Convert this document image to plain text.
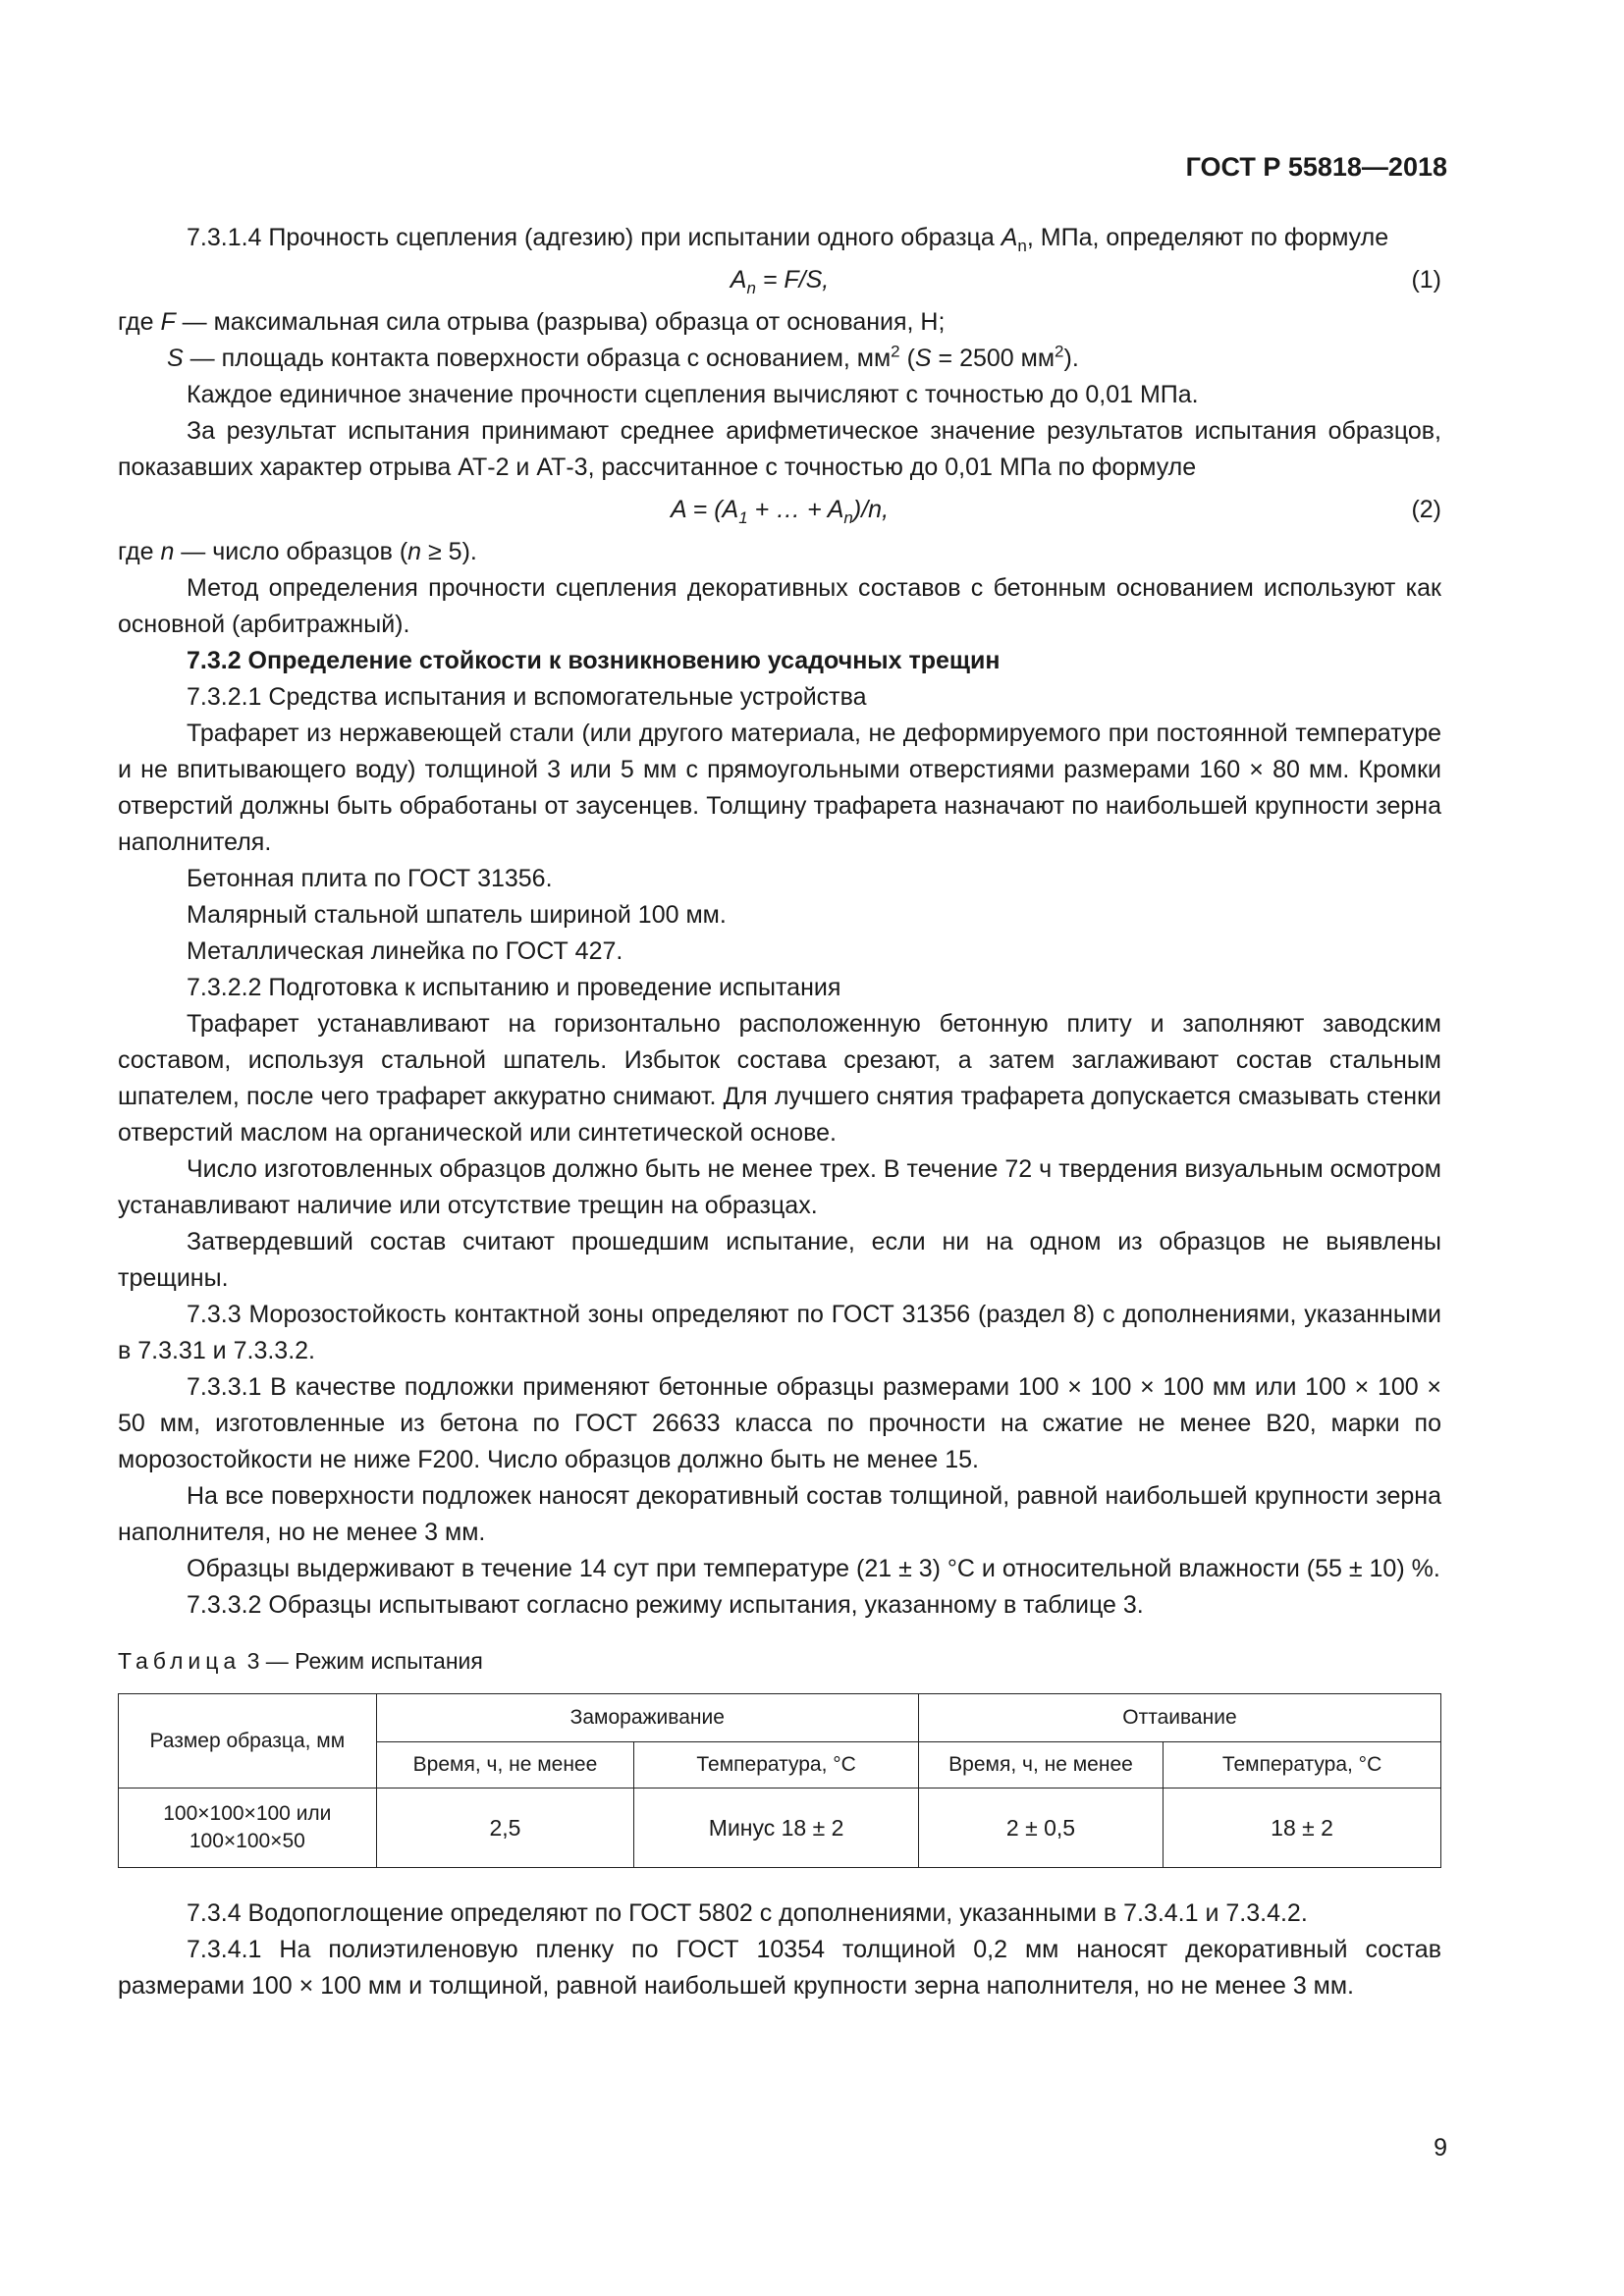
ГОСТ Р 55818—2018

7.3.1.4 Прочность сцепления (адгезию) при испытании одного образца $A_n$, МПа, определяют по формуле

$A_n = F/S$,	(1)

где F — максимальная сила отрыва (разрыва) образца от основания, Н;

S — площадь контакта поверхности образца с основанием, $мм^2$ (S = 2500 $мм^2$).

Каждое единичное значение прочности сцепления вычисляют с точностью до 0,01 МПа.

За результат испытания принимают среднее арифметическое значение результатов испытания образцов, показавших характер отрыва АТ-2 и АТ-3, рассчитанное с точностью до 0,01 МПа по формуле

$A = (A_1$ + … + $A_n)/n$,	(2)

где n — число образцов (n ≥ 5).

Метод определения прочности сцепления декоративных составов с бетонным основанием используют как основной (арбитражный).

7.3.2 Определение стойкости к возникновению усадочных трещин

7.3.2.1 Средства испытания и вспомогательные устройства

Трафарет из нержавеющей стали (или другого материала, не деформируемого при постоянной температуре и не впитывающего воду) толщиной 3 или 5 мм с прямоугольными отверстиями размерами 160 × 80 мм. Кромки отверстий должны быть обработаны от заусенцев. Толщину трафарета назначают по наибольшей крупности зерна наполнителя.

Бетонная плита по ГОСТ 31356.

Малярный стальной шпатель шириной 100 мм.

Металлическая линейка по ГОСТ 427.

7.3.2.2 Подготовка к испытанию и проведение испытания

Трафарет устанавливают на горизонтально расположенную бетонную плиту и заполняют заводским составом, используя стальной шпатель. Избыток состава срезают, а затем заглаживают состав стальным шпателем, после чего трафарет аккуратно снимают. Для лучшего снятия трафарета допускается смазывать стенки отверстий маслом на органической или синтетической основе.

Число изготовленных образцов должно быть не менее трех. В течение 72 ч твердения визуальным осмотром устанавливают наличие или отсутствие трещин на образцах.

Затвердевший состав считают прошедшим испытание, если ни на одном из образцов не выявлены трещины.

7.3.3 Морозостойкость контактной зоны определяют по ГОСТ 31356 (раздел 8) с дополнениями, указанными в 7.3.31 и 7.3.3.2.

7.3.3.1 В качестве подложки применяют бетонные образцы размерами 100 × 100 × 100 мм или 100 × 100 × 50 мм, изготовленные из бетона по ГОСТ 26633 класса по прочности на сжатие не менее В20, марки по морозостойкости не ниже F200. Число образцов должно быть не менее 15.

На все поверхности подложек наносят декоративный состав толщиной, равной наибольшей крупности зерна наполнителя, но не менее 3 мм.

Образцы выдерживают в течение 14 сут при температуре (21 ± 3) °С и относительной влажности (55 ± 10) %.

7.3.3.2 Образцы испытывают согласно режиму испытания, указанному в таблице 3.

Таблица 3 — Режим испытания
Размер образца, мм	Замораживание		Оттаивание	
	Время, ч, не менее	Температура, °С	Время, ч, не менее	Температура, °С
100×100×100 или 100×100×50	2,5	Минус 18 ± 2	2 ± 0,5	18 ± 2

7.3.4 Водопоглощение определяют по ГОСТ 5802 с дополнениями, указанными в 7.3.4.1 и 7.3.4.2.

7.3.4.1 На полиэтиленовую пленку по ГОСТ 10354 толщиной 0,2 мм наносят декоративный состав размерами 100 × 100 мм и толщиной, равной наибольшей крупности зерна наполнителя, но не менее 3 мм.

9
